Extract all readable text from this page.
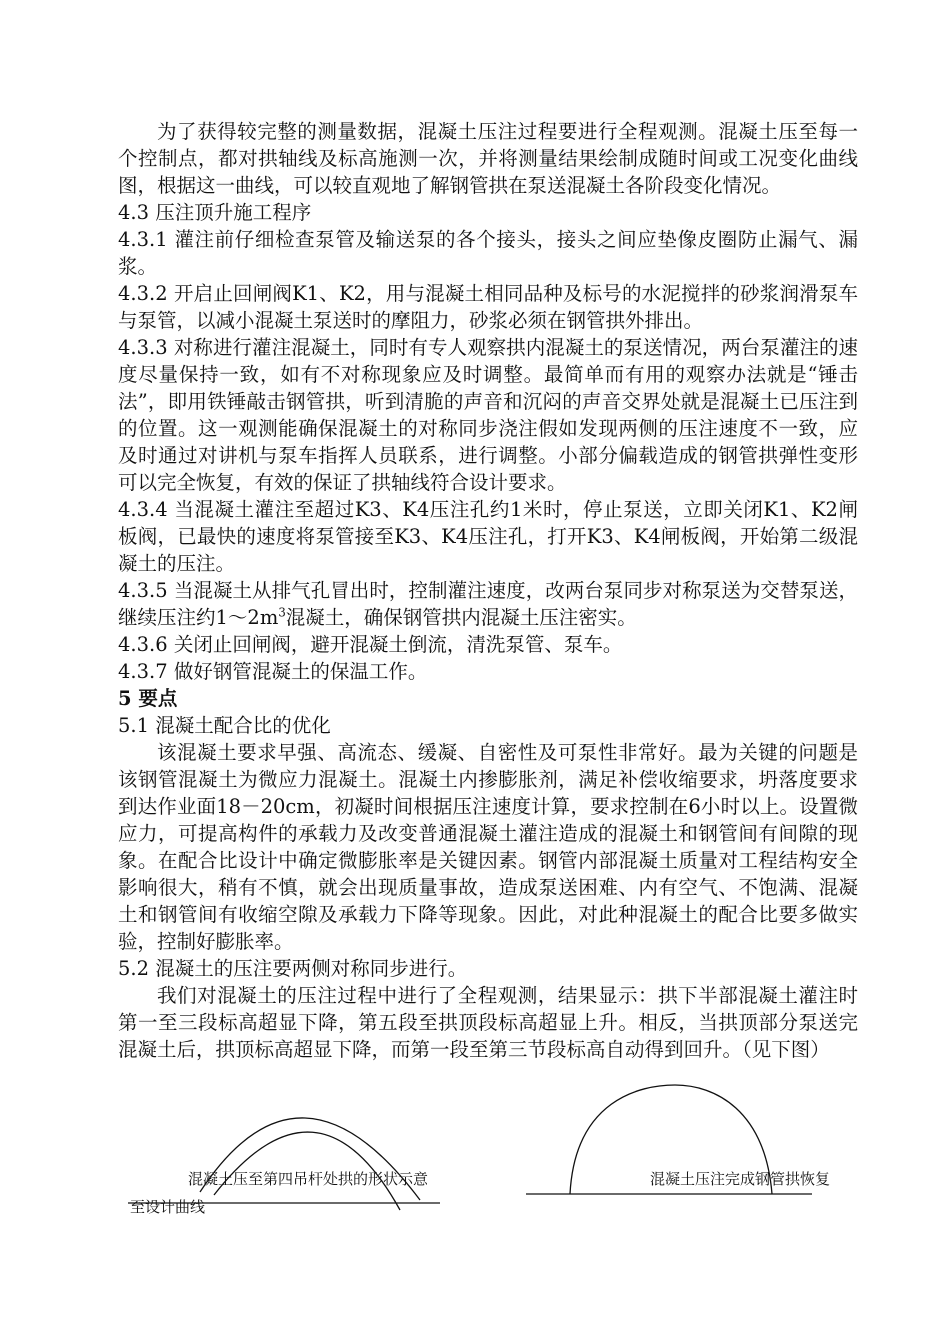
为了获得较完整的测量数据，混凝土压注过程要进行全程观测。混凝土压至每一个控制点，都对拱轴线及标高施测一次，并将测量结果绘制成随时间或工况变化曲线图，根据这一曲线，可以较直观地了解钢管拱在泵送混凝土各阶段变化情况。

4.3 压注顶升施工程序

4.3.1 灌注前仔细检查泵管及输送泵的各个接头，接头之间应垫像皮圈防止漏气、漏浆。

4.3.2 开启止回闸阀K1、K2，用与混凝土相同品种及标号的水泥搅拌的砂浆润滑泵车与泵管，以减小混凝土泵送时的摩阻力，砂浆必须在钢管拱外排出。

4.3.3 对称进行灌注混凝土，同时有专人观察拱内混凝土的泵送情况，两台泵灌注的速度尽量保持一致，如有不对称现象应及时调整。最简单而有用的观察办法就是“锤击法”，即用铁锤敲击钢管拱，听到清脆的声音和沉闷的声音交界处就是混凝土已压注到的位置。这一观测能确保混凝土的对称同步浇注假如发现两侧的压注速度不一致，应及时通过对讲机与泵车指挥人员联系，进行调整。小部分偏载造成的钢管拱弹性变形可以完全恢复，有效的保证了拱轴线符合设计要求。

4.3.4 当混凝土灌注至超过K3、K4压注孔约1米时，停止泵送，立即关闭K1、K2闸板阀，已最快的速度将泵管接至K3、K4压注孔，打开K3、K4闸板阀，开始第二级混凝土的压注。

4.3.5 当混凝土从排气孔冒出时，控制灌注速度，改两台泵同步对称泵送为交替泵送，继续压注约$1\sim 2m^3$混凝土，确保钢管拱内混凝土压注密实。

4.3.6 关闭止回闸阀，避开混凝土倒流，清洗泵管、泵车。

4.3.7 做好钢管混凝土的保温工作。

5 要点

5.1 混凝土配合比的优化

该混凝土要求早强、高流态、缓凝、自密性及可泵性非常好。最为关键的问题是该钢管混凝土为微应力混凝土。混凝土内掺膨胀剂，满足补偿收缩要求，坍落度要求到达作业面18－20cm，初凝时间根据压注速度计算，要求控制在6小时以上。设置微应力，可提高构件的承载力及改变普通混凝土灌注造成的混凝土和钢管间有间隙的现象。在配合比设计中确定微膨胀率是关键因素。钢管内部混凝土质量对工程结构安全影响很大，稍有不慎，就会出现质量事故，造成泵送困难、内有空气、不饱满、混凝土和钢管间有收缩空隙及承载力下降等现象。因此，对此种混凝土的配合比要多做实验，控制好膨胀率。

5.2 混凝土的压注要两侧对称同步进行。

我们对混凝土的压注过程中进行了全程观测，结果显示：拱下半部混凝土灌注时第一至三段标高超显下降，第五段至拱顶段标高超显上升。相反，当拱顶部分泵送完混凝土后，拱顶标高超显下降，而第一段至第三节段标高自动得到回升。（见下图）

混凝土压至第四吊杆处拱的形状示意
至设计曲线
混凝土压注完成钢管拱恢复
